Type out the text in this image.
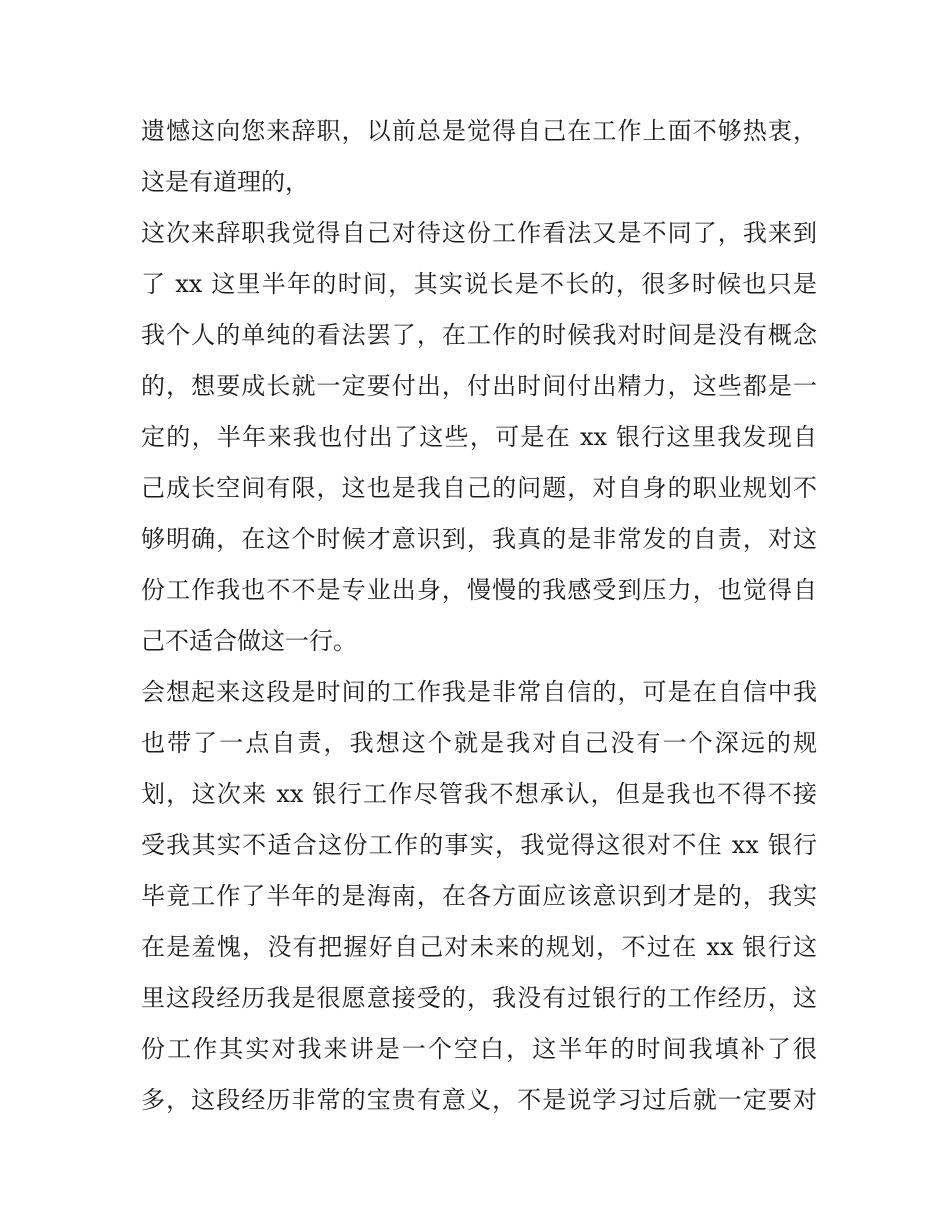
遗憾这向您来辞职，以前总是觉得自己在工作上面不够热衷，
这是有道理的，
这次来辞职我觉得自己对待这份工作看法又是不同了，我来到
了 xx 这里半年的时间，其实说长是不长的，很多时候也只是
我个人的单纯的看法罢了，在工作的时候我对时间是没有概念
的，想要成长就一定要付出，付出时间付出精力，这些都是一
定的，半年来我也付出了这些，可是在 xx 银行这里我发现自
己成长空间有限，这也是我自己的问题，对自身的职业规划不
够明确，在这个时候才意识到，我真的是非常发的自责，对这
份工作我也不不是专业出身，慢慢的我感受到压力，也觉得自
己不适合做这一行。
会想起来这段是时间的工作我是非常自信的，可是在自信中我
也带了一点自责，我想这个就是我对自己没有一个深远的规
划，这次来 xx 银行工作尽管我不想承认，但是我也不得不接
受我其实不适合这份工作的事实，我觉得这很对不住 xx 银行
毕竟工作了半年的是海南，在各方面应该意识到才是的，我实
在是羞愧，没有把握好自己对未来的规划，不过在 xx 银行这
里这段经历我是很愿意接受的，我没有过银行的工作经历，这
份工作其实对我来讲是一个空白，这半年的时间我填补了很
多，这段经历非常的宝贵有意义，不是说学习过后就一定要对
